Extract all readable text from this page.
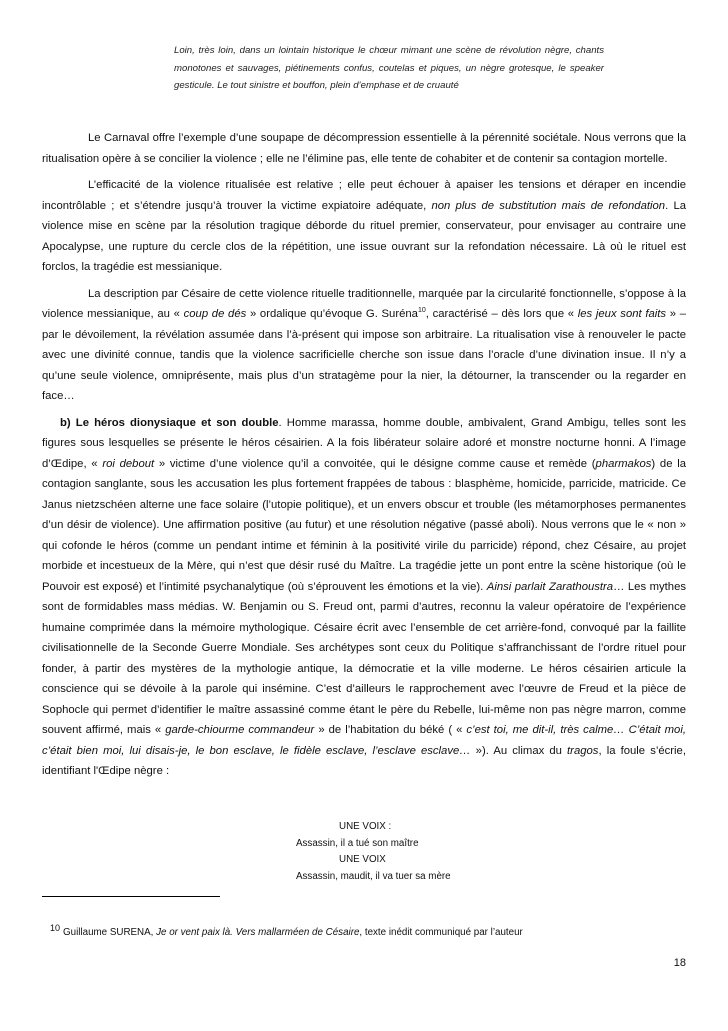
Loin, très loin, dans un lointain historique le chœur mimant une scène de révolution nègre, chants monotones et sauvages, piétinements confus, coutelas et piques, un nègre grotesque, le speaker gesticule. Le tout sinistre et bouffon, plein d’emphase et de cruauté

Le Carnaval offre l’exemple d’une soupape de décompression essentielle à la pérennité sociétale. Nous verrons que la ritualisation opère à se concilier la violence ; elle ne l’élimine pas, elle tente de cohabiter et de contenir sa contagion mortelle.

L’efficacité de la violence ritualisée est relative ; elle peut échouer à apaiser les tensions et déraper en incendie incontrôlable ; et s’étendre jusqu’à trouver la victime expiatoire adéquate, non plus de substitution mais de refondation. La violence mise en scène par la résolution tragique déborde du rituel premier, conservateur, pour envisager au contraire une Apocalypse, une rupture du cercle clos de la répétition, une issue ouvrant sur la refondation nécessaire. Là où le rituel est forclos, la tragédie est messianique.

La description par Césaire de cette violence rituelle traditionnelle, marquée par la circularité fonctionnelle, s’oppose à la violence messianique, au « coup de dés » ordalique qu’évoque G. Suréna$^{10}$, caractérisé – dès lors que « les jeux sont faits » – par le dévoilement, la révélation assumée dans l’à-présent qui impose son arbitraire. La ritualisation vise à renouveler le pacte avec une divinité connue, tandis que la violence sacrificielle cherche son issue dans l’oracle d’une divination insue. Il n’y a qu’une seule violence, omniprésente, mais plus d’un stratagème pour la nier, la détourner, la transcender ou la regarder en face…

b) Le héros dionysiaque et son double. Homme marassa, homme double, ambivalent, Grand Ambigu, telles sont les figures sous lesquelles se présente le héros césairien. A la fois libérateur solaire adoré et monstre nocturne honni. A l’image d’Œdipe, « roi debout » victime d’une violence qu’il a convoitée, qui le désigne comme cause et remède (pharmakos) de la contagion sanglante, sous les accusation les plus fortement frappées de tabous : blasphème, homicide, parricide, matricide. Ce Janus nietzschéen alterne une face solaire (l’utopie politique), et un envers obscur et trouble (les métamorphoses permanentes d’un désir de violence). Une affirmation positive (au futur) et une résolution négative (passé aboli). Nous verrons que le « non » qui cofonde le héros (comme un pendant intime et féminin à la positivité virile du parricide) répond, chez Césaire, au projet morbide et incestueux de la Mère, qui n’est que désir rusé du Maître. La tragédie jette un pont entre la scène historique (où le Pouvoir est exposé) et l’intimité psychanalytique (où s’éprouvent les émotions et la vie). Ainsi parlait Zarathoustra… Les mythes sont de formidables mass médias. W. Benjamin ou S. Freud ont, parmi d’autres, reconnu la valeur opératoire de l’expérience humaine comprimée dans la mémoire mythologique. Césaire écrit avec l’ensemble de cet arrière-fond, convoqué par la faillite civilisationnelle de la Seconde Guerre Mondiale. Ses archétypes sont ceux du Politique s’affranchissant de l’ordre rituel pour fonder, à partir des mystères de la mythologie antique, la démocratie et la ville moderne. Le héros césairien articule la conscience qui se dévoile à la parole qui insémine. C’est d’ailleurs le rapprochement avec l’œuvre de Freud et la pièce de Sophocle qui permet d’identifier le maître assassiné comme étant le père du Rebelle, lui-même non pas nègre marron, comme souvent affirmé, mais « garde-chiourme commandeur » de l’habitation du béké ( « c’est toi, me dit-il, très calme… C’était moi, c’était bien moi, lui disais-je, le bon esclave, le fidèle esclave, l’esclave esclave… »). Au climax du tragos, la foule s’écrie, identifiant l'Œdipe nègre :

UNE VOIX :
Assassin, il a tué son maître
UNE VOIX
Assassin, maudit, il va tuer sa mère
10 Guillaume SURENA, Je or vent paix là. Vers mallarméen de Césaire, texte inédit communiqué par l’auteur
18
